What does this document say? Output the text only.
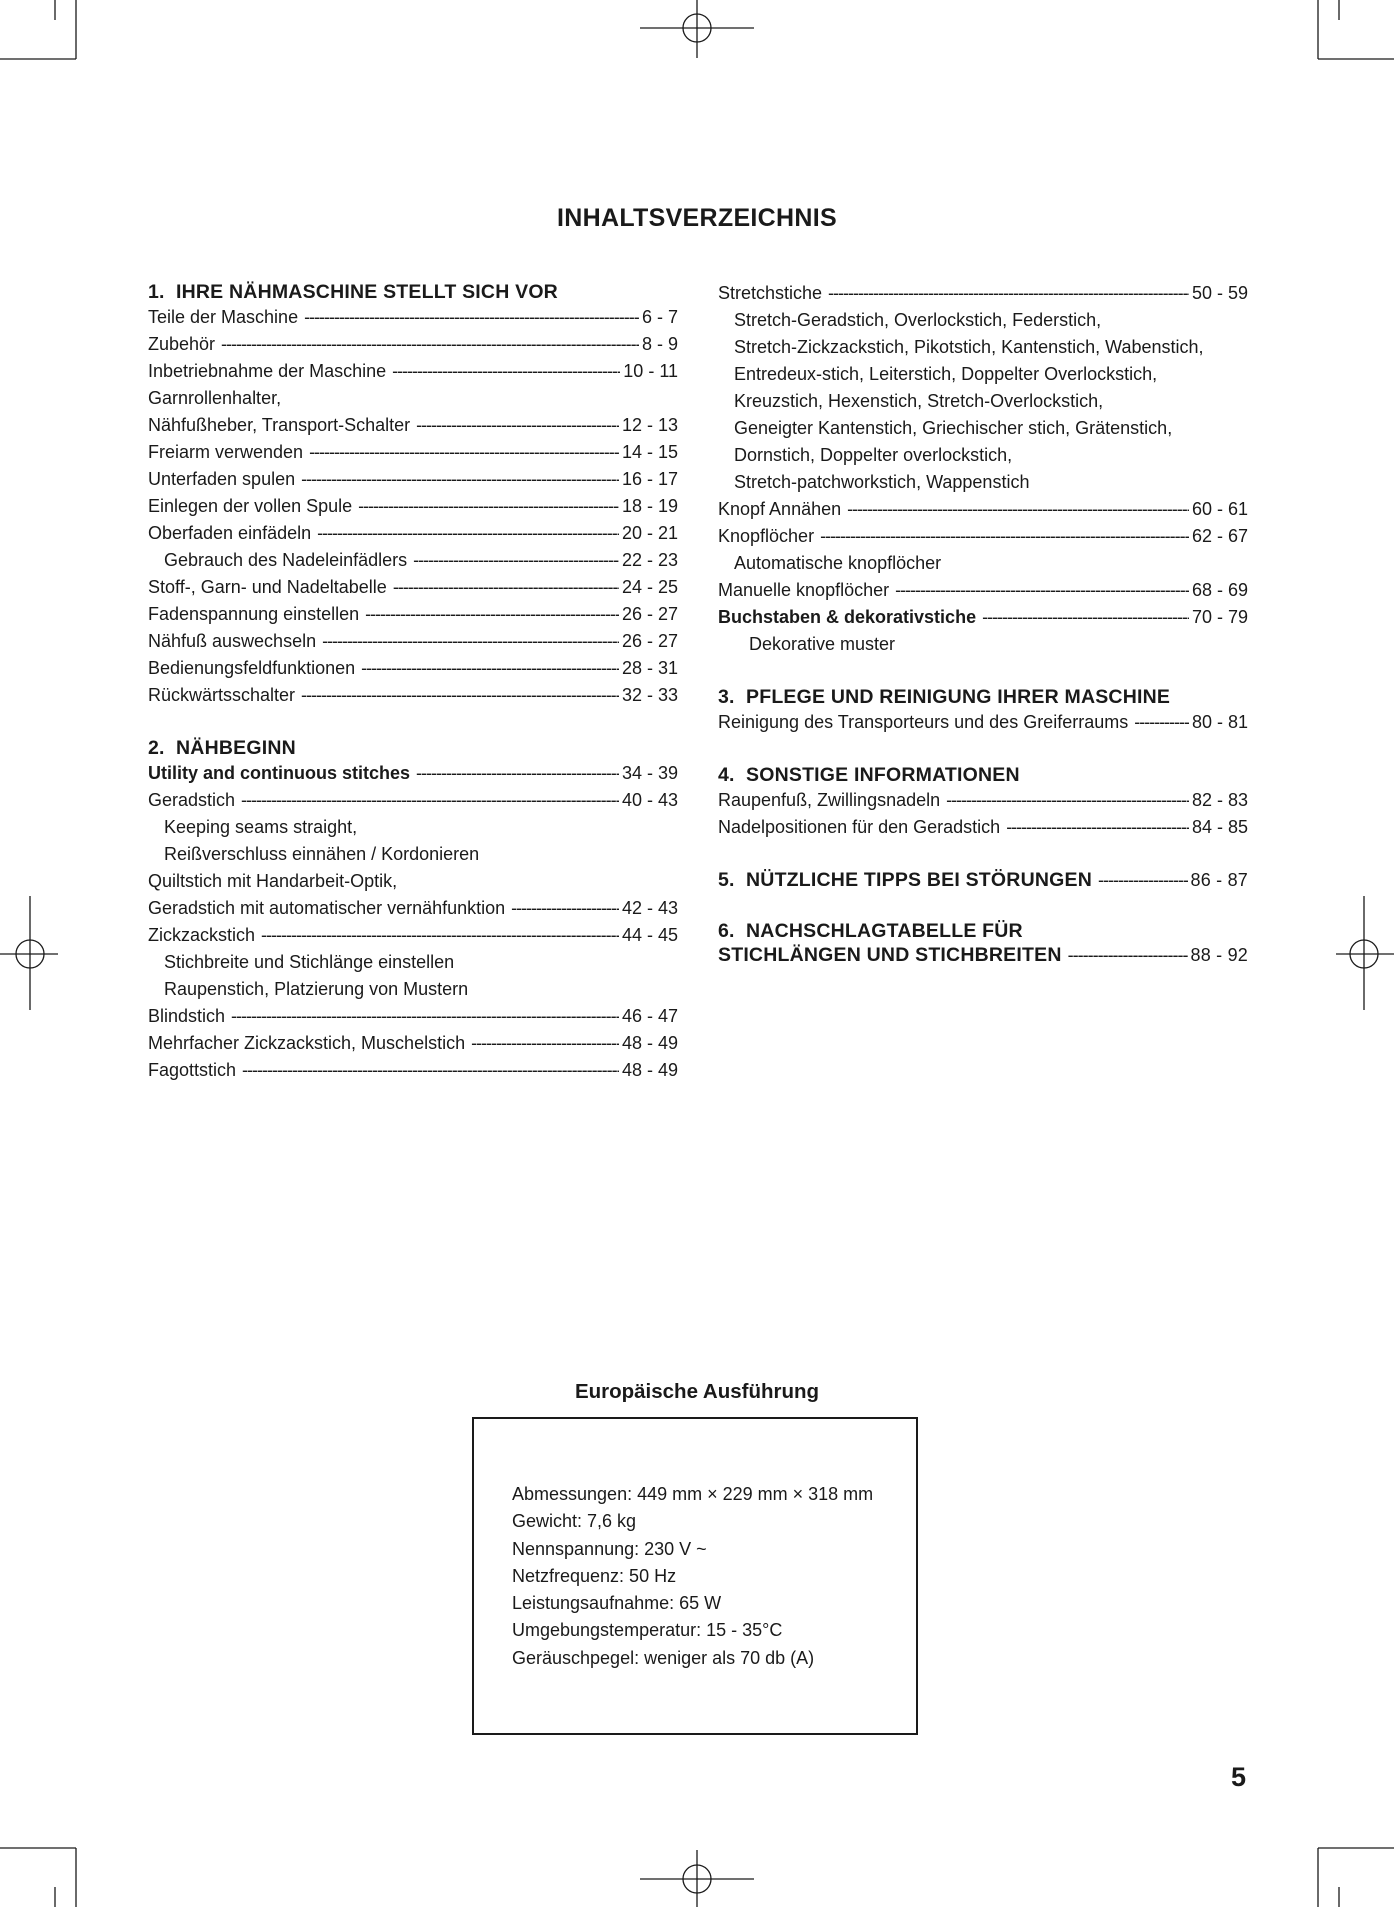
INHALTSVERZEICHNIS
1. IHRE NÄHMASCHINE STELLT SICH VOR
Teile der Maschine -----	6 - 7
Zubehör -----	8 - 9
Inbetriebnahme der Maschine -----	10 - 11
Garnrollenhalter,
Nähfußheber, Transport-Schalter -----	12 - 13
Freiarm verwenden -----	14 - 15
Unterfaden spulen -----	16 - 17
Einlegen der vollen Spule -----	18 - 19
Oberfaden einfädeln -----	20 - 21
Gebrauch des Nadeleinfädlers -----	22 - 23
Stoff-, Garn- und Nadeltabelle -----	24 - 25
Fadenspannung einstellen -----	26 - 27
Nähfuß auswechseln -----	26 - 27
Bedienungsfeldfunktionen -----	28 - 31
Rückwärtsschalter -----	32 - 33
2. NÄHBEGINN
Utility and continuous stitches -----	34 - 39
Geradstich -----	40 - 43
Keeping seams straight,
Reißverschluss einnähen / Kordonieren
Quiltstich mit Handarbeit-Optik,
Geradstich mit automatischer vernähfunktion -----	42 - 43
Zickzackstich -----	44 - 45
Stichbreite und Stichlänge einstellen
Raupenstich, Platzierung von Mustern
Blindstich -----	46 - 47
Mehrfacher Zickzackstich, Muschelstich -----	48 - 49
Fagottstich -----	48 - 49
Stretchstiche -----	50 - 59
Stretch-Geradstich, Overlockstich, Federstich,
Stretch-Zickzackstich, Pikotstich, Kantenstich, Wabenstich,
Entredeux-stich, Leiterstich, Doppelter Overlockstich,
Kreuzstich, Hexenstich, Stretch-Overlockstich,
Geneigter Kantenstich, Griechischer stich, Grätenstich,
Dornstich, Doppelter overlockstich,
Stretch-patchworkstich, Wappenstich
Knopf Annähen -----	60 - 61
Knopflöcher -----	62 - 67
Automatische knopflöcher
Manuelle knopflöcher -----	68 - 69
Buchstaben & dekorativstiche -----	70 - 79
Dekorative muster
3. PFLEGE UND REINIGUNG IHRER MASCHINE
Reinigung des Transporteurs und des Greiferraums -----	80 - 81
4. SONSTIGE INFORMATIONEN
Raupenfuß, Zwillingsnadeln -----	82 - 83
Nadelpositionen für den Geradstich -----	84 - 85
5. NÜTZLICHE TIPPS BEI STÖRUNGEN -----	86 - 87
6. NACHSCHLAGTABELLE FÜR
STICHLÄNGEN UND STICHBREITEN -----	88 - 92
Europäische Ausführung
Abmessungen: 449 mm × 229 mm × 318 mm
Gewicht: 7,6 kg
Nennspannung: 230 V ~
Netzfrequenz: 50 Hz
Leistungsaufnahme: 65 W
Umgebungstemperatur: 15 - 35°C
Geräuschpegel: weniger als 70 db (A)
5
